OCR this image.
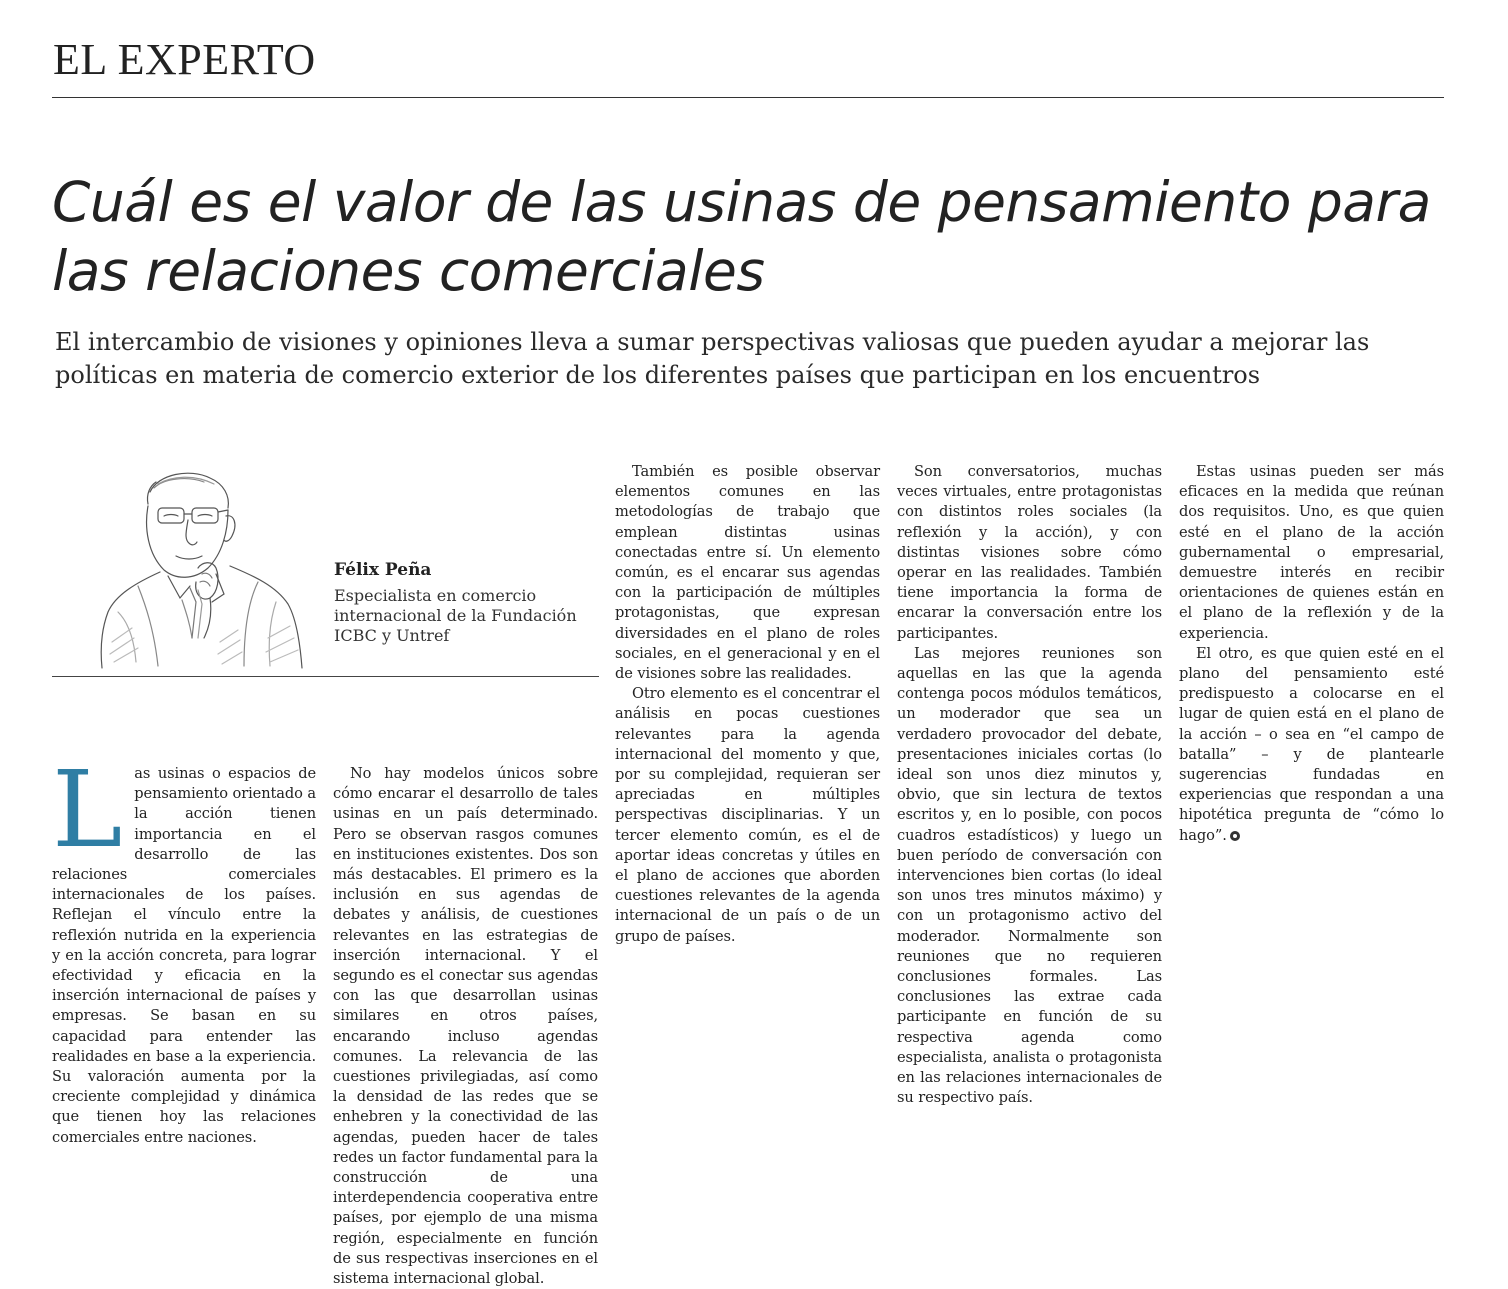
EL EXPERTO
Cuál es el valor de las usinas de pensamiento para las relaciones comerciales
El intercambio de visiones y opiniones lleva a sumar perspectivas valiosas que pueden ayudar a mejorar las políticas en materia de comercio exterior de los diferentes países que participan en los encuentros
Félix Peña
Especialista en comercio internacional de la Fundación ICBC y Untref

L as usinas o espacios de pensamiento orientado a la acción tienen importancia en el desarrollo de las relaciones comerciales internacionales de los países. Reflejan el vínculo entre la reflexión nutrida en la experiencia y en la acción concreta, para lograr efectividad y eficacia en la inserción internacional de países y empresas. Se basan en su capacidad para entender las realidades en base a la experiencia. Su valoración aumenta por la creciente complejidad y dinámica que tienen hoy las relaciones comerciales entre naciones.

No hay modelos únicos sobre cómo encarar el desarrollo de tales usinas en un país determinado. Pero se observan rasgos comunes en instituciones existentes. Dos son más destacables. El primero es la inclusión en sus agendas de debates y análisis, de cuestiones relevantes en las estrategias de inserción internacional. Y el segundo es el conectar sus agendas con las que desarrollan usinas similares en otros países, encarando incluso agendas comunes. La relevancia de las cuestiones privilegiadas, así como la densidad de las redes que se enhebren y la conectividad de las agendas, pueden hacer de tales redes un factor fundamental para la construcción de una interdependencia cooperativa entre países, por ejemplo de una misma región, especialmente en función de sus respectivas inserciones en el sistema internacional global.

También es posible observar elementos comunes en las metodologías de trabajo que emplean distintas usinas conectadas entre sí. Un elemento común, es el encarar sus agendas con la participación de múltiples protagonistas, que expresan diversidades en el plano de roles sociales, en el generacional y en el de visiones sobre las realidades.

Otro elemento es el concentrar el análisis en pocas cuestiones relevantes para la agenda internacional del momento y que, por su complejidad, requieran ser apreciadas en múltiples perspectivas disciplinarias. Y un tercer elemento común, es el de aportar ideas concretas y útiles en el plano de acciones que aborden cuestiones relevantes de la agenda internacional de un país o de un grupo de países.

Son conversatorios, muchas veces virtuales, entre protagonistas con distintos roles sociales (la reflexión y la acción), y con distintas visiones sobre cómo operar en las realidades. También tiene importancia la forma de encarar la conversación entre los participantes.

Las mejores reuniones son aquellas en las que la agenda contenga pocos módulos temáticos, un moderador que sea un verdadero provocador del debate, presentaciones iniciales cortas (lo ideal son unos diez minutos y, obvio, que sin lectura de textos escritos y, en lo posible, con pocos cuadros estadísticos) y luego un buen período de conversación con intervenciones bien cortas (lo ideal son unos tres minutos máximo) y con un protagonismo activo del moderador. Normalmente son reuniones que no requieren conclusiones formales. Las conclusiones las extrae cada participante en función de su respectiva agenda como especialista, analista o protagonista en las relaciones internacionales de su respectivo país.

Estas usinas pueden ser más eficaces en la medida que reúnan dos requisitos. Uno, es que quien esté en el plano de la acción gubernamental o empresarial, demuestre interés en recibir orientaciones de quienes están en el plano de la reflexión y de la experiencia.

El otro, es que quien esté en el plano del pensamiento esté predispuesto a colocarse en el lugar de quien está en el plano de la acción – o sea en “el campo de batalla” – y de plantearle sugerencias fundadas en experiencias que respondan a una hipotética pregunta de “cómo lo hago”.
